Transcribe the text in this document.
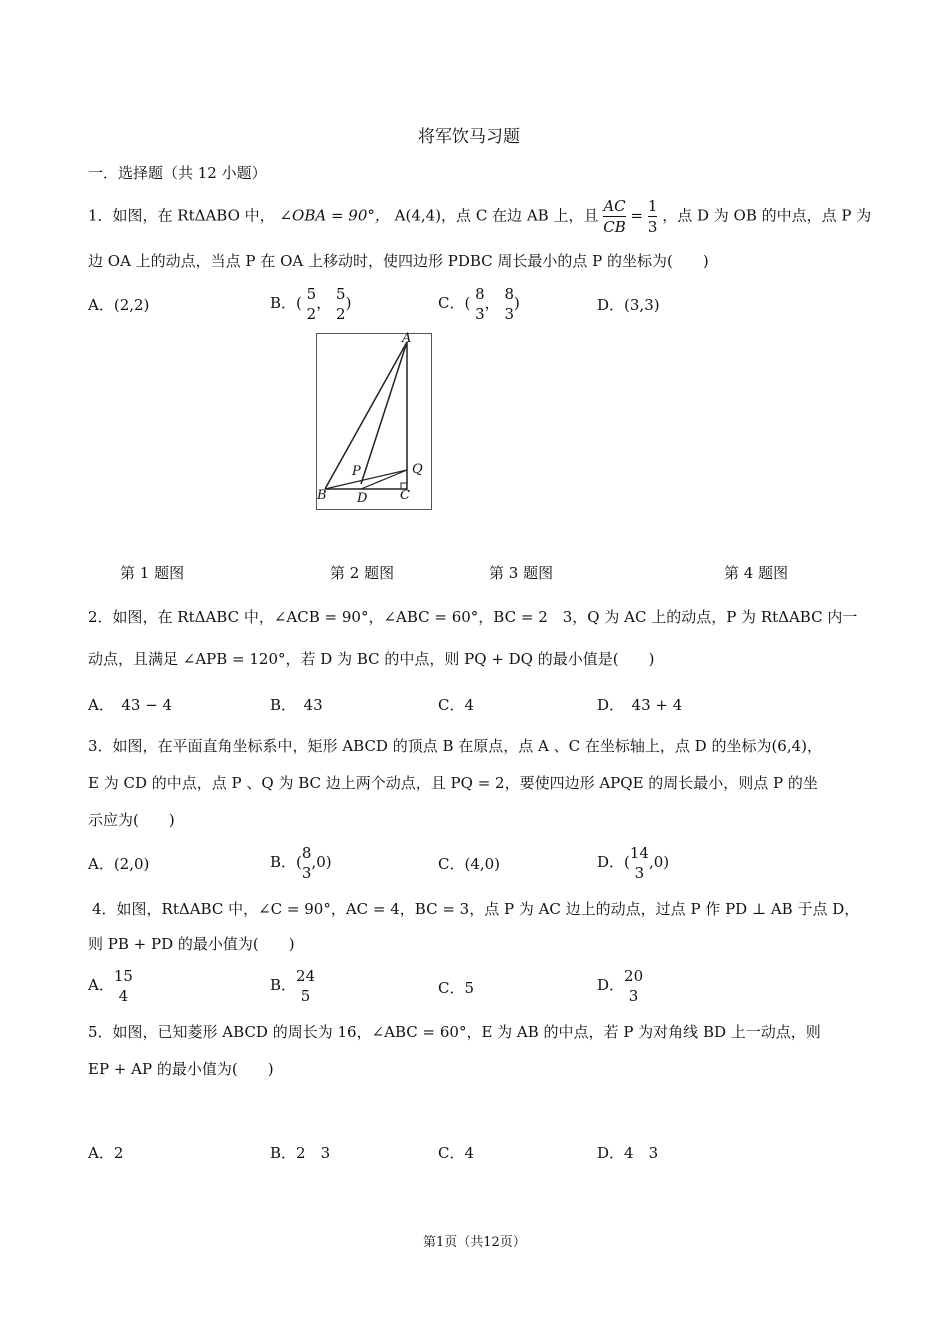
将军饮马习题
一．选择题（共 12 小题）
1．如图，在 RtΔABO 中， ∠OBA = 90°， A(4,4)，点 C 在边 AB 上，且 $\frac{AC}{CB} = \frac{1}{3}$ ，点 D 为 OB 的中点，点 P 为
边 OA 上的动点，当点 P 在 OA 上移动时，使四边形 PDBC 周长最小的点 P 的坐标为(　　)
A．(2,2)	B．( 5
2
， 5
2
)	C．( 8
3
， 8
3
)	D．(3,3)
A
B	C
D
P	Q
第 1 题图	第 2 题图	第 3 题图	第 4 题图
2．如图，在 RtΔABC 中，∠ACB = 90°，∠ABC = 60°，BC = 2　3，Q 为 AC 上的动点，P 为 RtΔABC 内一
动点，且满足 ∠APB = 120°，若 D 为 BC 的中点，则 PQ + DQ 的最小值是(　　)
A．　43 − 4	B．　43	C．4	D．　43 + 4
3．如图，在平面直角坐标系中，矩形 ABCD 的顶点 B 在原点，点 A 、C 在坐标轴上，点 D 的坐标为(6,4)，
E 为 CD 的中点，点 P 、Q 为 BC 边上两个动点，且 PQ = 2，要使四边形 APQE 的周长最小，则点 P 的坐
示应为(　　)
A．(2,0)	B．( 8
3
,0)	C．(4,0)	D．( 14
3
,0)
4．如图，RtΔABC 中，∠C = 90°，AC = 4，BC = 3，点 P 为 AC 边上的动点，过点 P 作 PD ⊥ AB 于点 D，
则 PB + PD 的最小值为(　　)
A． 15
4
B． 24
5	C．5	D． 20
3
5．如图，已知菱形 ABCD 的周长为 16，∠ABC = 60°，E 为 AB 的中点，若 P 为对角线 BD 上一动点，则
EP + AP 的最小值为(　　)
A．2	B．2　3	C．4	D．4　3
第1页（共12页）
